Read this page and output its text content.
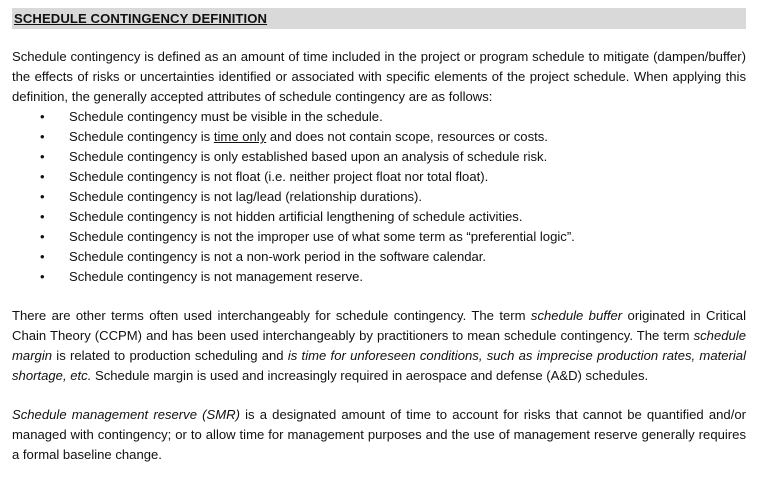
SCHEDULE CONTINGENCY DEFINITION

Schedule contingency is defined as an amount of time included in the project or program schedule to mitigate (dampen/buffer) the effects of risks or uncertainties identified or associated with specific elements of the project schedule. When applying this definition, the generally accepted attributes of schedule contingency are as follows:

• Schedule contingency must be visible in the schedule.
• Schedule contingency is time only and does not contain scope, resources or costs.
• Schedule contingency is only established based upon an analysis of schedule risk.
• Schedule contingency is not float (i.e. neither project float nor total float).
• Schedule contingency is not lag/lead (relationship durations).
• Schedule contingency is not hidden artificial lengthening of schedule activities.
• Schedule contingency is not the improper use of what some term as “preferential logic”.
• Schedule contingency is not a non-work period in the software calendar.
• Schedule contingency is not management reserve.

There are other terms often used interchangeably for schedule contingency. The term schedule buffer originated in Critical Chain Theory (CCPM) and has been used interchangeably by practitioners to mean schedule contingency. The term schedule margin is related to production scheduling and is time for unforeseen conditions, such as imprecise production rates, material shortage, etc. Schedule margin is used and increasingly required in aerospace and defense (A&D) schedules.

Schedule management reserve (SMR) is a designated amount of time to account for risks that cannot be quantified and/or managed with contingency; or to allow time for management purposes and the use of management reserve generally requires a formal baseline change.
